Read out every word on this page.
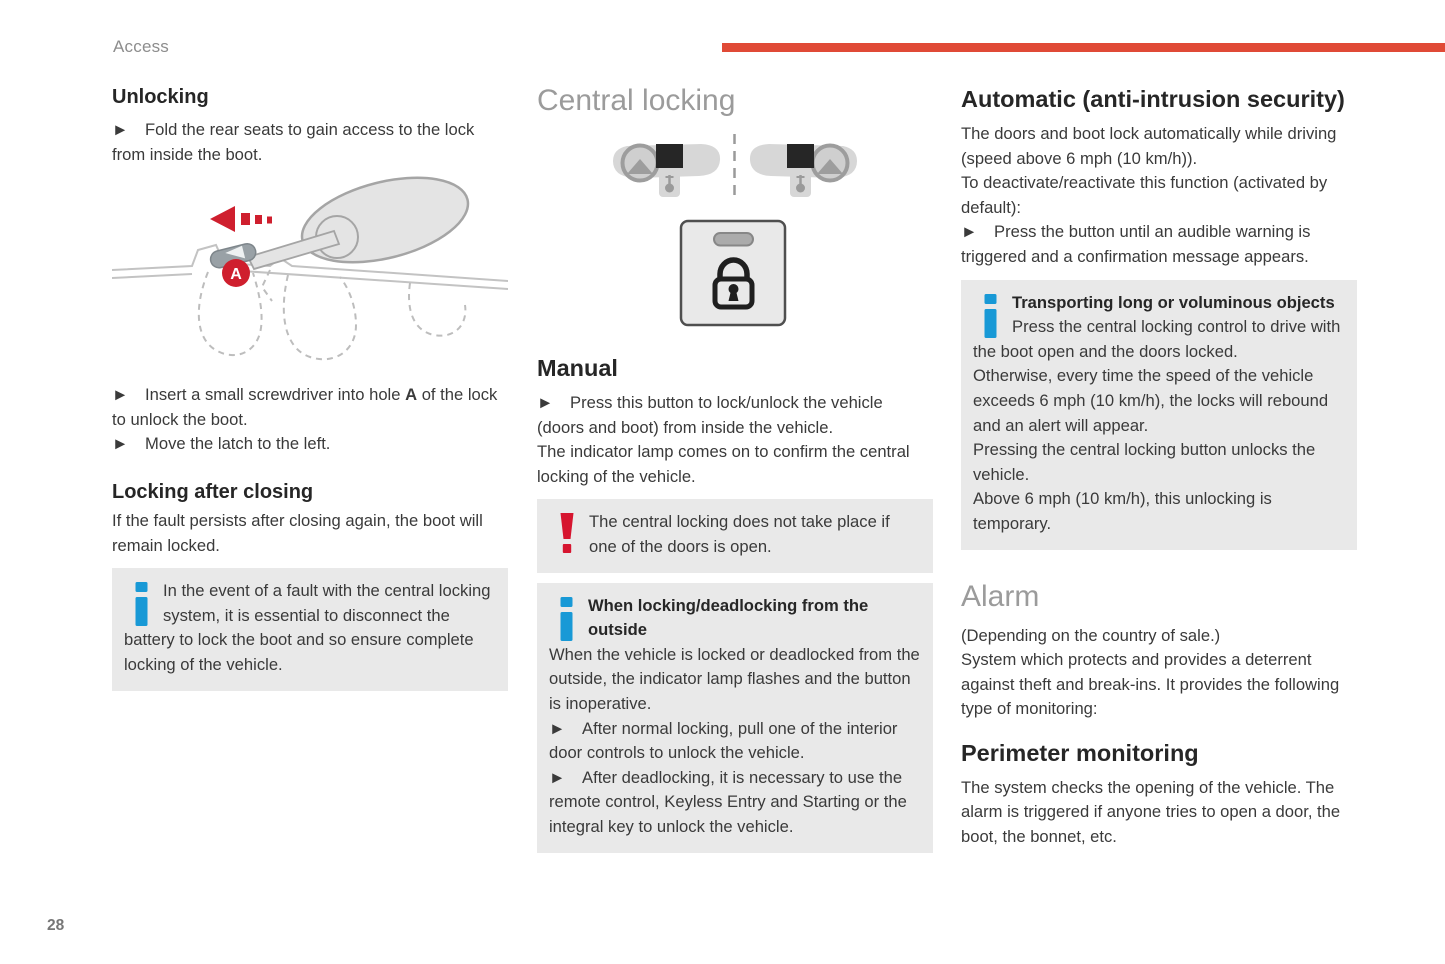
Access
Unlocking

► Fold the rear seats to gain access to the lock from inside the boot.

A

► Insert a small screwdriver into hole A of the lock to unlock the boot.

► Move the latch to the left.

Locking after closing

If the fault persists after closing again, the boot will remain locked.

In the event of a fault with the central locking system, it is essential to disconnect the battery to lock the boot and so ensure complete locking of the vehicle.

Central locking
Manual

► Press this button to lock/unlock the vehicle (doors and boot) from inside the vehicle.

The indicator lamp comes on to confirm the central locking of the vehicle.

The central locking does not take place if one of the doors is open.

When locking/deadlocking from the outside

When the vehicle is locked or deadlocked from the outside, the indicator lamp flashes and the button is inoperative.

► After normal locking, pull one of the interior door controls to unlock the vehicle.

► After deadlocking, it is necessary to use the remote control, Keyless Entry and Starting or the integral key to unlock the vehicle.

Automatic (anti-intrusion security)

The doors and boot lock automatically while driving (speed above 6 mph (10 km/h)).

To deactivate/reactivate this function (activated by default):

► Press the button until an audible warning is triggered and a confirmation message appears.

Transporting long or voluminous objects

Press the central locking control to drive with the boot open and the doors locked.

Otherwise, every time the speed of the vehicle exceeds 6 mph (10 km/h), the locks will rebound and an alert will appear.

Pressing the central locking button unlocks the vehicle.

Above 6 mph (10 km/h), this unlocking is temporary.

Alarm

(Depending on the country of sale.)

System which protects and provides a deterrent against theft and break-ins. It provides the following type of monitoring:

Perimeter monitoring

The system checks the opening of the vehicle. The alarm is triggered if anyone tries to open a door, the boot, the bonnet, etc.

28
